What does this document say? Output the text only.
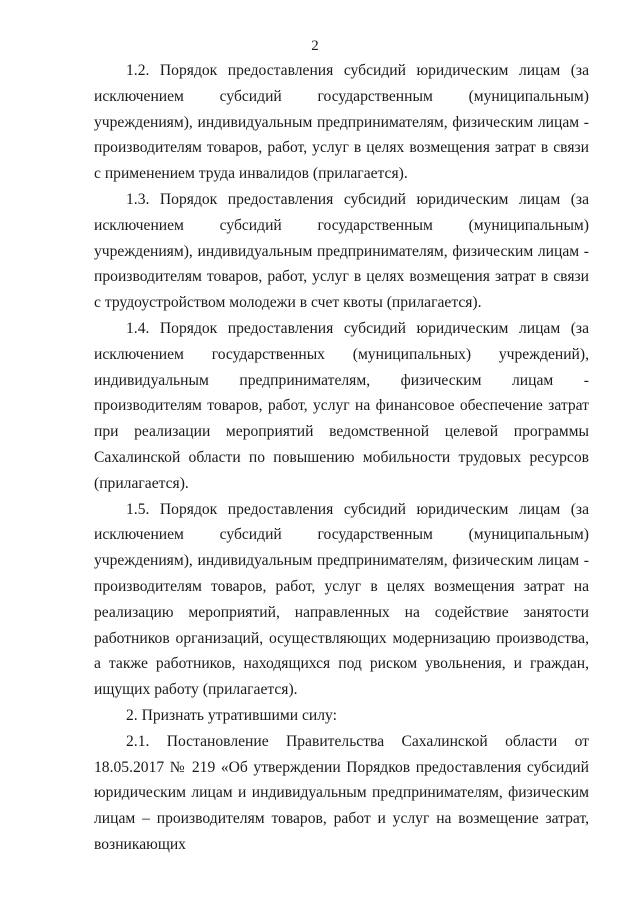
2

1.2. Порядок предоставления субсидий юридическим лицам (за исключением субсидий государственным (муниципальным) учреждениям), индивидуальным предпринимателям, физическим лицам - производителям товаров, работ, услуг в целях возмещения затрат в связи с применением труда инвалидов (прилагается).

1.3. Порядок предоставления субсидий юридическим лицам (за исключением субсидий государственным (муниципальным) учреждениям), индивидуальным предпринимателям, физическим лицам - производителям товаров, работ, услуг в целях возмещения затрат в связи с трудоустройством молодежи в счет квоты (прилагается).

1.4. Порядок предоставления субсидий юридическим лицам (за исключением государственных (муниципальных) учреждений), индивидуальным предпринимателям, физическим лицам - производителям товаров, работ, услуг на финансовое обеспечение затрат при реализации мероприятий ведомственной целевой программы Сахалинской области по повышению мобильности трудовых ресурсов (прилагается).

1.5. Порядок предоставления субсидий юридическим лицам (за исключением субсидий государственным (муниципальным) учреждениям), индивидуальным предпринимателям, физическим лицам - производителям товаров, работ, услуг в целях возмещения затрат на реализацию мероприятий, направленных на содействие занятости работников организаций, осуществляющих модернизацию производства, а также работников, находящихся под риском увольнения, и граждан, ищущих работу (прилагается).

2. Признать утратившими силу:

2.1. Постановление Правительства Сахалинской области от 18.05.2017 № 219 «Об утверждении Порядков предоставления субсидий юридическим лицам и индивидуальным предпринимателям, физическим лицам – производителям товаров, работ и услуг на возмещение затрат, возникающих
